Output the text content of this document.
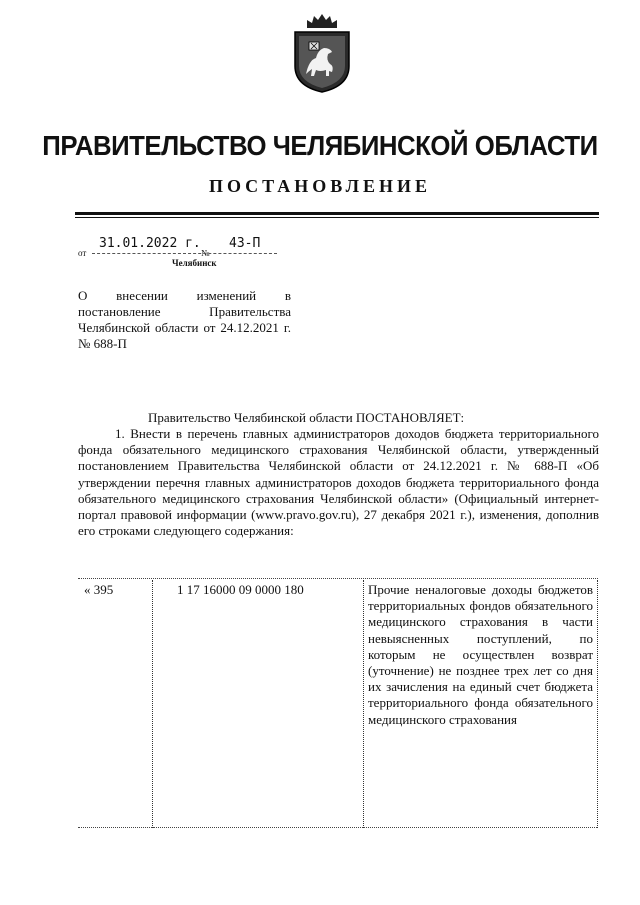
ПРАВИТЕЛЬСТВО ЧЕЛЯБИНСКОЙ ОБЛАСТИ
ПОСТАНОВЛЕНИЕ
от
31.01.2022 г.
№
43-П
Челябинск
О внесении изменений в постановление Правительства Челябинской области от 24.12.2021 г. № 688-П
Правительство Челябинской области ПОСТАНОВЛЯЕТ:
1. Внести в перечень главных администраторов доходов бюджета территориального фонда обязательного медицинского страхования Челябинской области, утвержденный постановлением Правительства Челябинской области от 24.12.2021 г. № 688-П «Об утверждении перечня главных администраторов доходов бюджета территориального фонда обязательного медицинского страхования Челябинской области» (Официальный интернет-портал правовой информации (www.pravo.gov.ru), 27 декабря 2021 г.), изменения, дополнив его строками следующего содержания:
« 395	1 17 16000 09 0000 180	Прочие неналоговые доходы бюджетов территориальных фондов обязательного медицинского страхования в части невыясненных поступлений, по которым не осуществлен возврат (уточнение) не позднее трех лет со дня их зачисления на единый счет бюджета территориального фонда обязательного медицинского страхования
